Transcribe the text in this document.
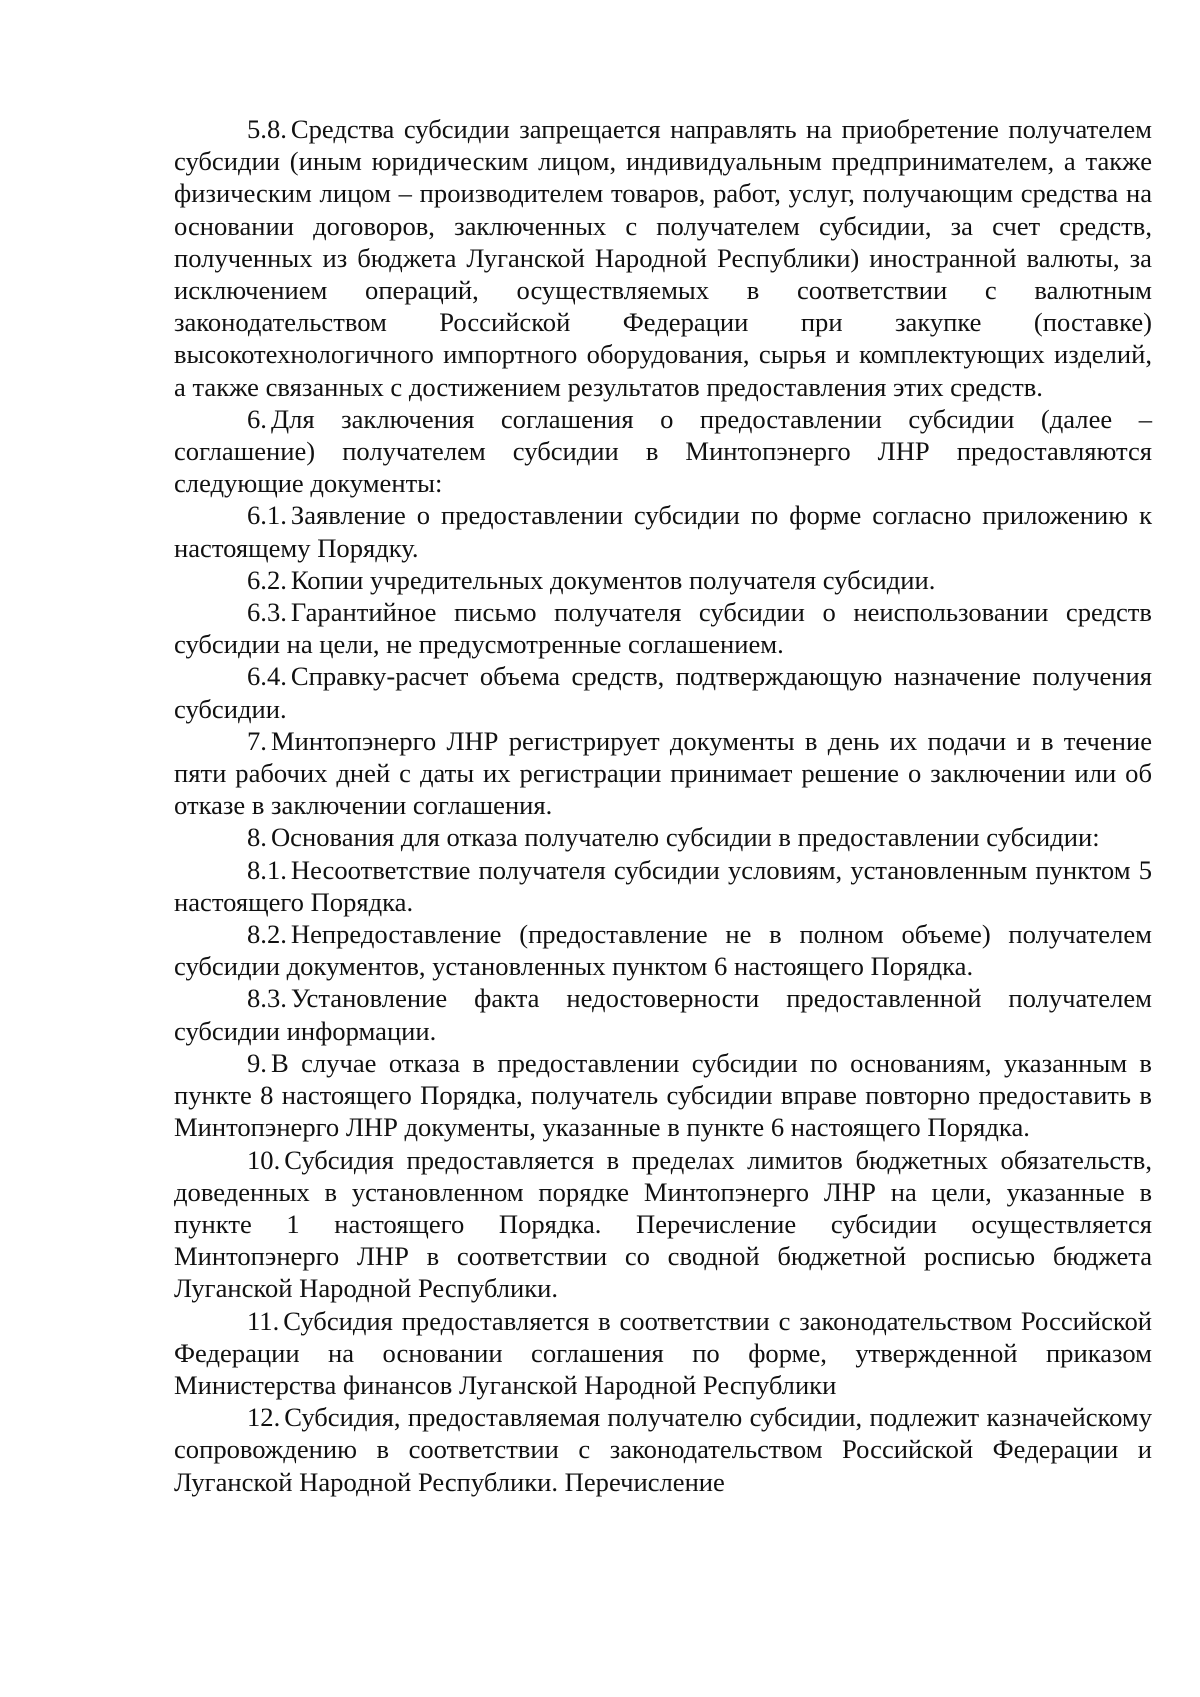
5.8. Средства субсидии запрещается направлять на приобретение получателем субсидии (иным юридическим лицом, индивидуальным предпринимателем, а также физическим лицом – производителем товаров, работ, услуг, получающим средства на основании договоров, заключенных с получателем субсидии, за счет средств, полученных из бюджета Луганской Народной Республики) иностранной валюты, за исключением операций, осуществляемых в соответствии с валютным законодательством Российской Федерации при закупке (поставке) высокотехнологичного импортного оборудования, сырья и комплектующих изделий, а также связанных с достижением результатов предоставления этих средств.

6. Для заключения соглашения о предоставлении субсидии (далее – соглашение) получателем субсидии в Минтопэнерго ЛНР предоставляются следующие документы:

6.1. Заявление о предоставлении субсидии по форме согласно приложению к настоящему Порядку.

6.2. Копии учредительных документов получателя субсидии.

6.3. Гарантийное письмо получателя субсидии о неиспользовании средств субсидии на цели, не предусмотренные соглашением.

6.4. Справку-расчет объема средств, подтверждающую назначение получения субсидии.

7. Минтопэнерго ЛНР регистрирует документы в день их подачи и в течение пяти рабочих дней с даты их регистрации принимает решение о заключении или об отказе в заключении соглашения.

8. Основания для отказа получателю субсидии в предоставлении субсидии:

8.1. Несоответствие получателя субсидии условиям, установленным пунктом 5 настоящего Порядка.

8.2. Непредоставление (предоставление не в полном объеме) получателем субсидии документов, установленных пунктом 6 настоящего Порядка.

8.3. Установление факта недостоверности предоставленной получателем субсидии информации.

9. В случае отказа в предоставлении субсидии по основаниям, указанным в пункте 8 настоящего Порядка, получатель субсидии вправе повторно предоставить в Минтопэнерго ЛНР документы, указанные в пункте 6 настоящего Порядка.

10. Субсидия предоставляется в пределах лимитов бюджетных обязательств, доведенных в установленном порядке Минтопэнерго ЛНР на цели, указанные в пункте 1 настоящего Порядка. Перечисление субсидии осуществляется Минтопэнерго ЛНР в соответствии со сводной бюджетной росписью бюджета Луганской Народной Республики.

11. Субсидия предоставляется в соответствии с законодательством Российской Федерации на основании соглашения по форме, утвержденной приказом Министерства финансов Луганской Народной Республики

12. Субсидия, предоставляемая получателю субсидии, подлежит казначейскому сопровождению в соответствии с законодательством Российской Федерации и Луганской Народной Республики. Перечисление
